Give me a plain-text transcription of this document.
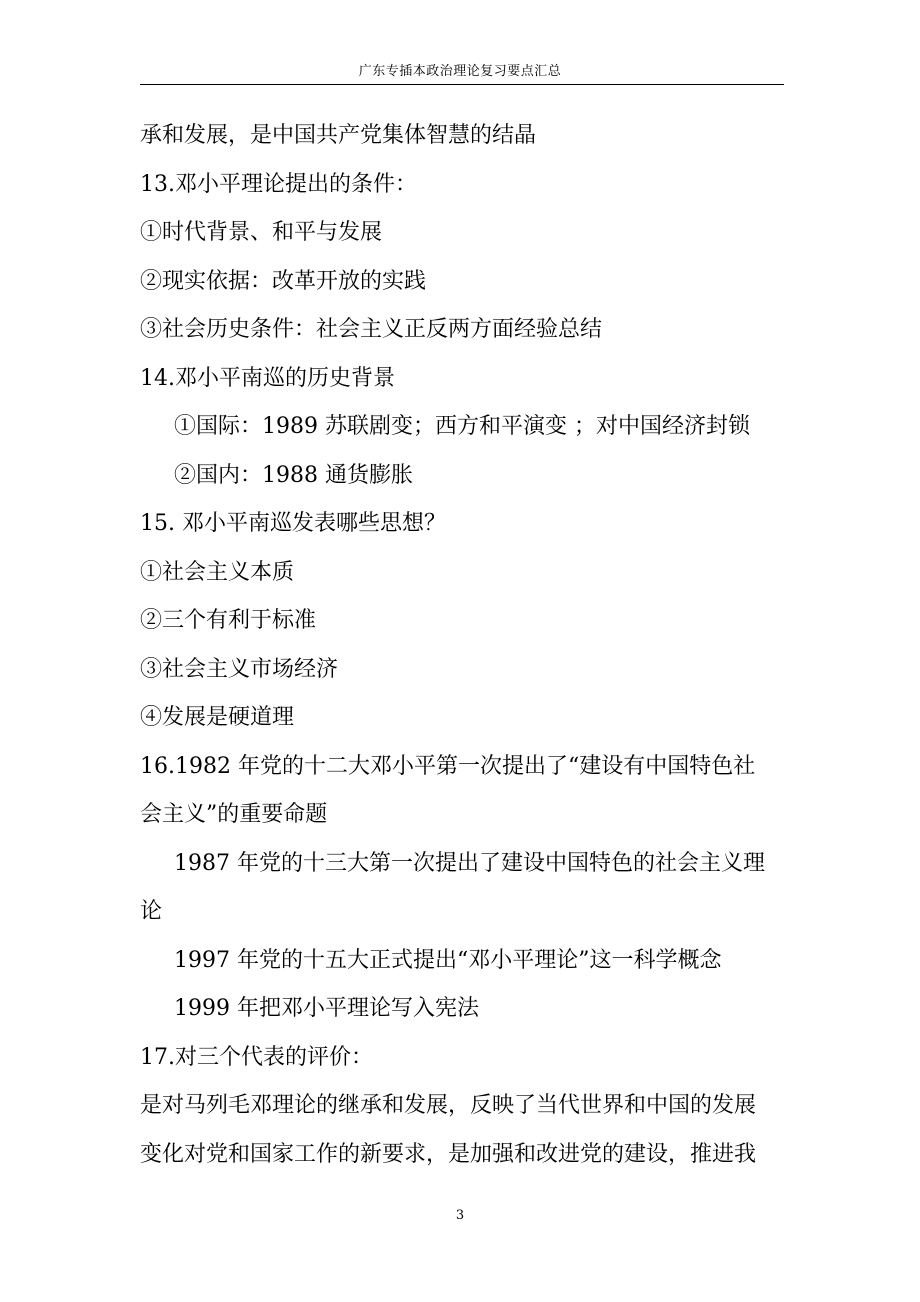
广东专插本政治理论复习要点汇总
承和发展，是中国共产党集体智慧的结晶
13.邓小平理论提出的条件：
①时代背景、和平与发展
②现实依据：改革开放的实践
③社会历史条件：社会主义正反两方面经验总结
14.邓小平南巡的历史背景
①国际：1989 苏联剧变；西方和平演变 ；对中国经济封锁
②国内：1988 通货膨胀
15. 邓小平南巡发表哪些思想？
①社会主义本质
②三个有利于标准
③社会主义市场经济
④发展是硬道理
16.1982 年党的十二大邓小平第一次提出了“建设有中国特色社
会主义”的重要命题
1987 年党的十三大第一次提出了建设中国特色的社会主义理
论
1997 年党的十五大正式提出“邓小平理论”这一科学概念
1999 年把邓小平理论写入宪法
17.对三个代表的评价：
是对马列毛邓理论的继承和发展，反映了当代世界和中国的发展
变化对党和国家工作的新要求，是加强和改进党的建设，推进我
3
